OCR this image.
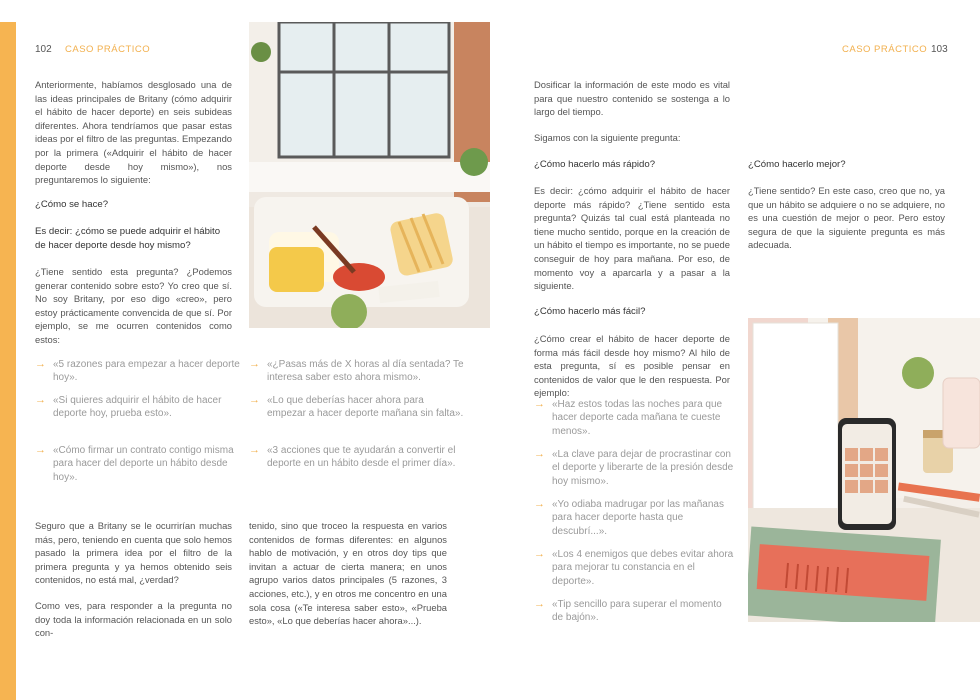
102 CASO PRÁCTICO	CASO PRÁCTICO 103
Anteriormente, habíamos desglosado una de las ideas principales de Britany (cómo adquirir el hábito de hacer deporte) en seis subideas diferentes. Ahora tendríamos que pasar estas ideas por el filtro de las preguntas. Empezando por la primera («Adquirir el hábito de hacer deporte desde hoy mismo»), nos preguntaremos lo siguiente:
¿Cómo se hace?
Es decir: ¿cómo se puede adquirir el hábito de hacer deporte desde hoy mismo?
¿Tiene sentido esta pregunta? ¿Podemos generar contenido sobre esto? Yo creo que sí. No soy Britany, por eso digo «creo», pero estoy prácticamente convencida de que sí. Por ejemplo, se me ocurren contenidos como estos:
→ «5 razones para empezar a hacer deporte hoy».
→ «Si quieres adquirir el hábito de hacer deporte hoy, prueba esto».
→ «Cómo firmar un contrato contigo misma para hacer del deporte un hábito desde hoy».
→ «¿Pasas más de X horas al día sentada? Te interesa saber esto ahora mismo».
→ «Lo que deberías hacer ahora para empezar a hacer deporte mañana sin falta».
→ «3 acciones que te ayudarán a convertir el deporte en un hábito desde el primer día».
Seguro que a Britany se le ocurrirían muchas más, pero, teniendo en cuenta que solo hemos pasado la primera idea por el filtro de la primera pregunta y ya hemos obtenido seis contenidos, no está mal, ¿verdad?
Como ves, para responder a la pregunta no doy toda la información relacionada en un solo con-
tenido, sino que troceo la respuesta en varios contenidos de formas diferentes: en algunos hablo de motivación, y en otros doy tips que invitan a actuar de cierta manera; en unos agrupo varios datos principales (5 razones, 3 acciones, etc.), y en otros me concentro en una sola cosa («Te interesa saber esto», «Prueba esto», «Lo que deberías hacer ahora»...).
Dosificar la información de este modo es vital para que nuestro contenido se sostenga a lo largo del tiempo.
Sigamos con la siguiente pregunta:
¿Cómo hacerlo más rápido?
Es decir: ¿cómo adquirir el hábito de hacer deporte más rápido? ¿Tiene sentido esta pregunta? Quizás tal cual está planteada no tiene mucho sentido, porque en la creación de un hábito el tiempo es importante, no se puede conseguir de hoy para mañana. Por eso, de momento voy a aparcarla y a pasar a la siguiente.
¿Cómo hacerlo más fácil?
¿Cómo crear el hábito de hacer deporte de forma más fácil desde hoy mismo? Al hilo de esta pregunta, sí es posible pensar en contenidos de valor que le den respuesta. Por ejemplo:
¿Cómo hacerlo mejor?
¿Tiene sentido? En este caso, creo que no, ya que un hábito se adquiere o no se adquiere, no es una cuestión de mejor o peor. Pero estoy segura de que la siguiente pregunta es más adecuada.
→ «Haz estos todas las noches para que hacer deporte cada mañana te cueste menos».
→ «La clave para dejar de procrastinar con el deporte y liberarte de la presión desde hoy mismo».
→ «Yo odiaba madrugar por las mañanas para hacer deporte hasta que descubrí...».
→ «Los 4 enemigos que debes evitar ahora para mejorar tu constancia en el deporte».
→ «Tip sencillo para superar el momento de bajón».
